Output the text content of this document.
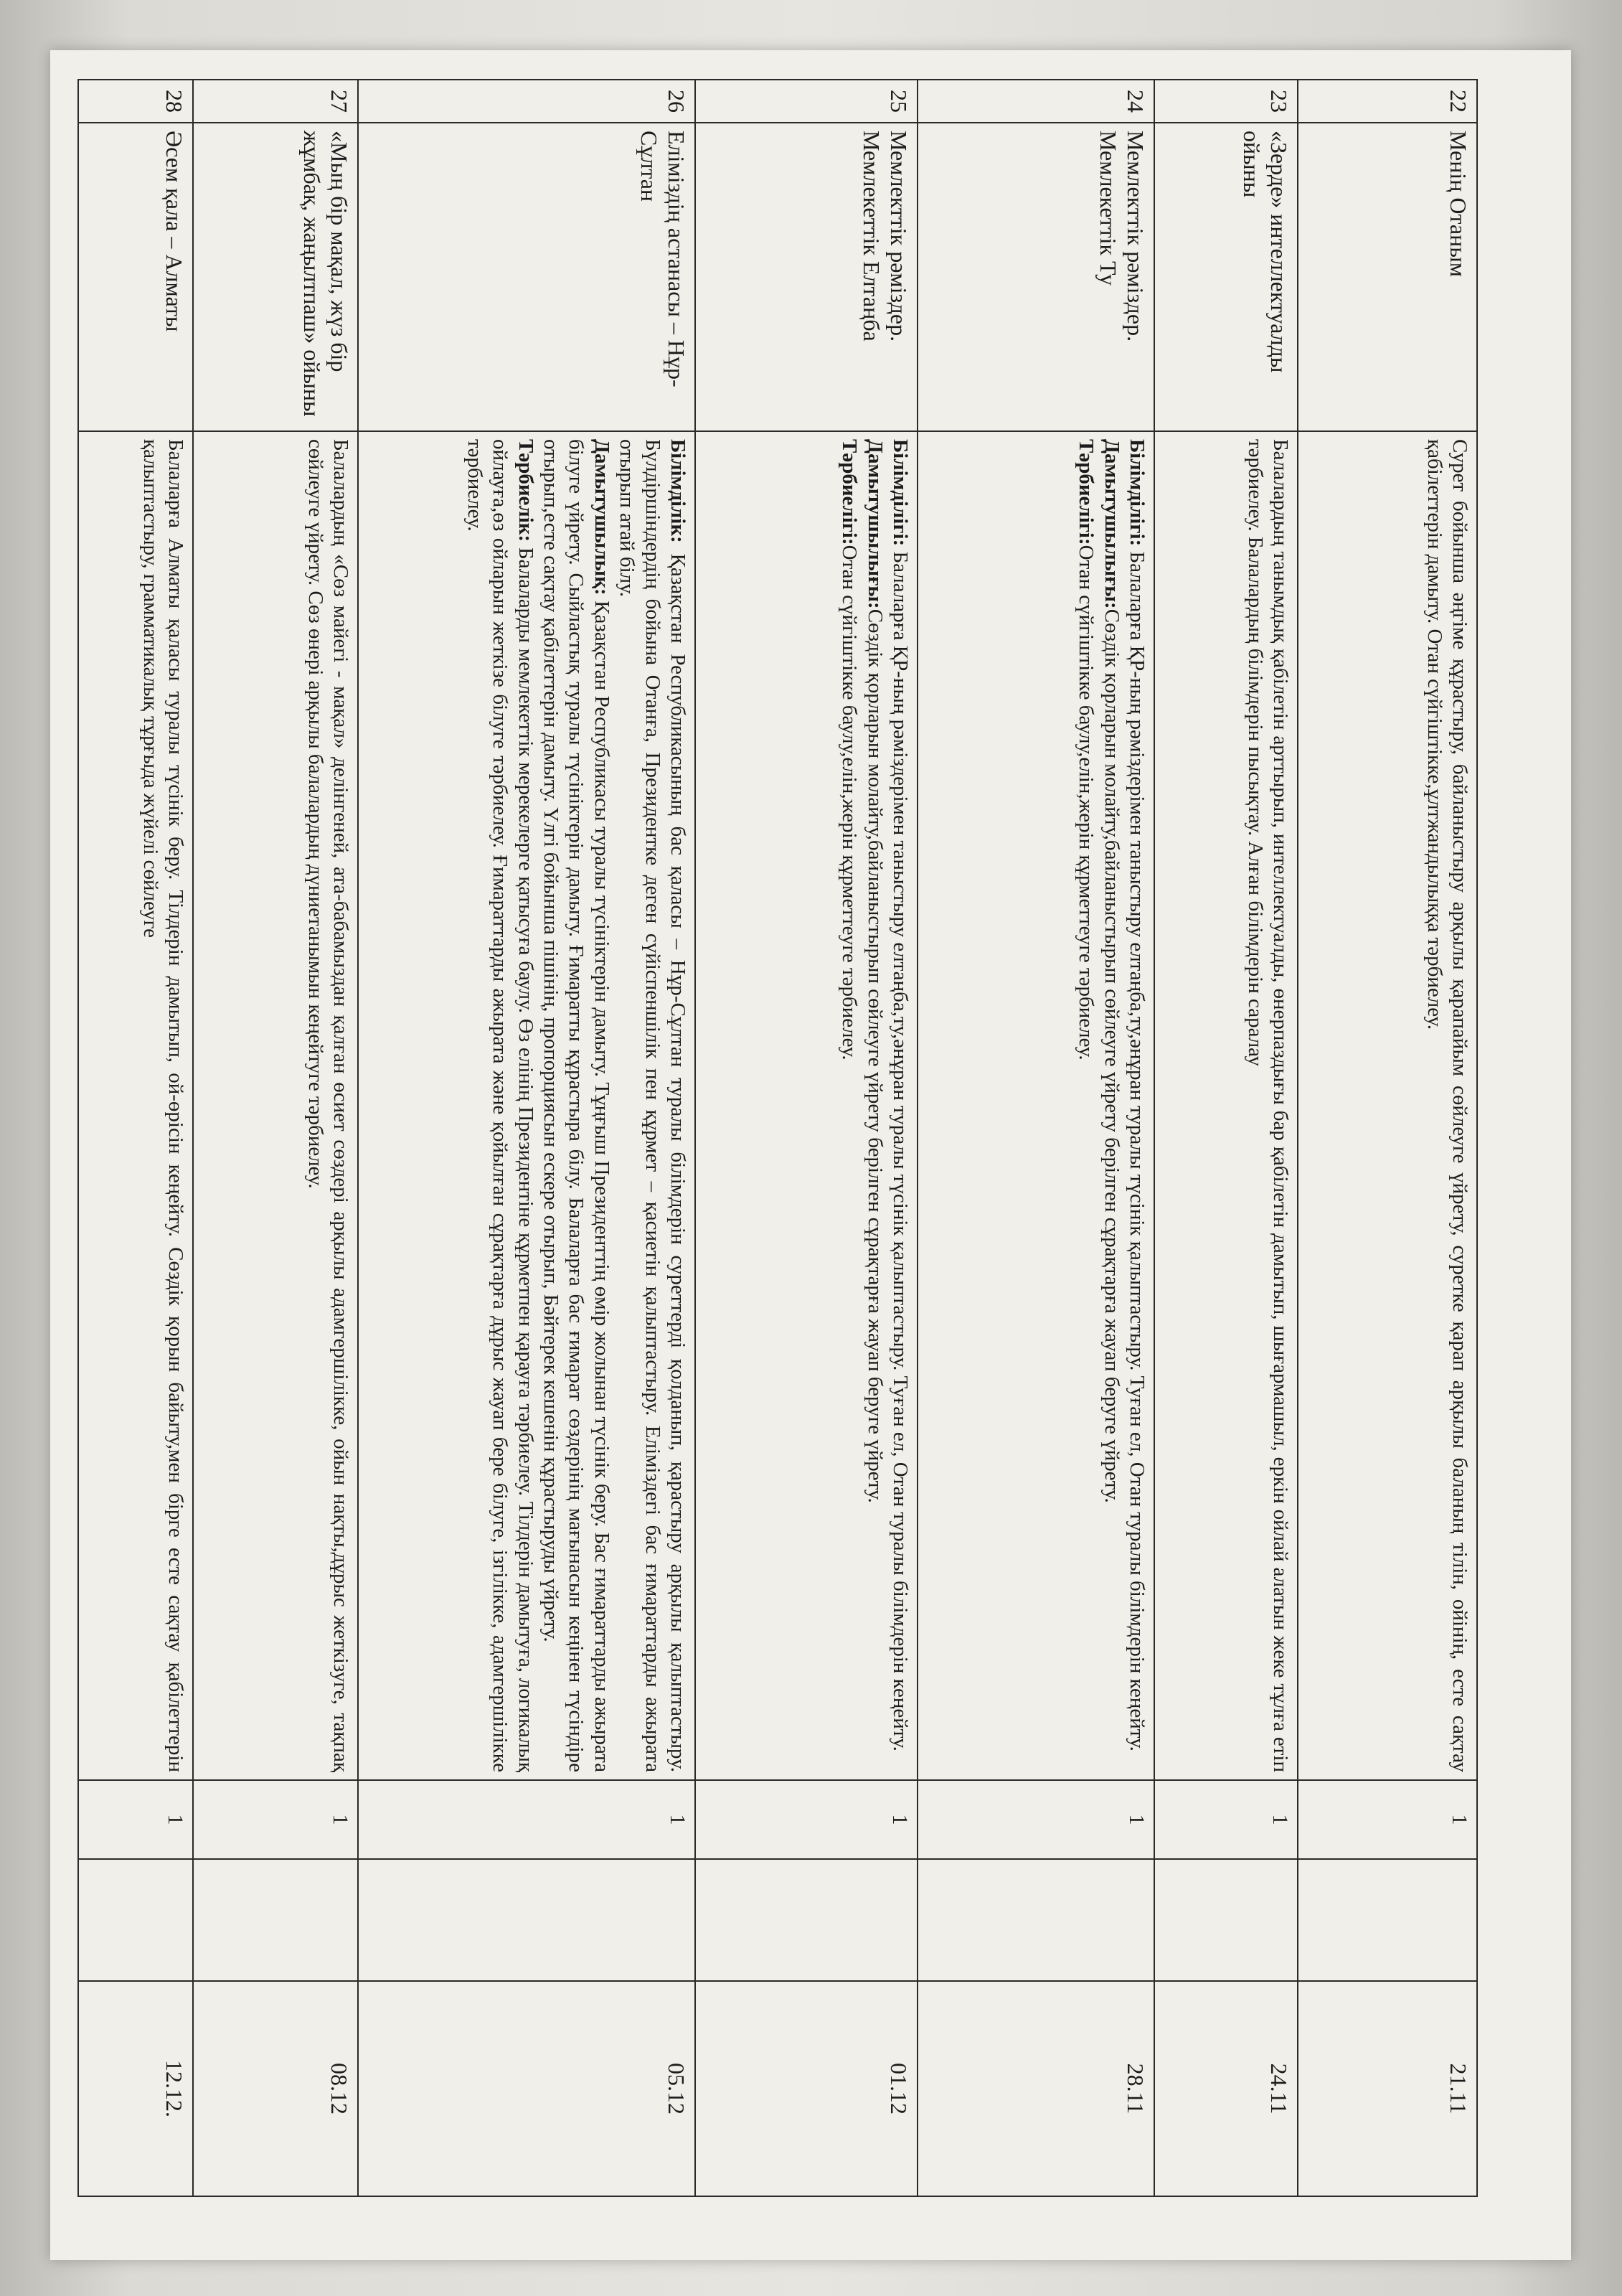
22	Менің Отаным	Сурет бойынша әңгіме құрастыру, байланыстыру арқылы қарапайым сөйлеуге үйрету, суретке қарап арқылы баланың тілін, ойінің, есте сақтау қабілеттерін дамыту. Отан сүйгіштікке,ұлтжандылыққа тәрбиелеу.	1		21.11
23	«Зерде» интеллектуалды ойыны	Балалардың танымдық қабілетін арттырып, интеллектуалды, өнерпаздығы бар қабілетін дамытып, шығармашыл, еркін ойлай алатын жеке тұлға етіп тәрбиелеу. Балалардың білімдерін пысықтау. Алған білімдерін саралау	1		24.11
24	Мемлекттік рәміздер. Мемлекеттік Ту	Білімділігі: Балаларға ҚР-ның рәміздерімен таныстыру елтаңба,ту,әнұран туралы түсінік қалыптастыру. Туған ел, Отан туралы білімдерін кеңейту.

Дамытушылығы:Сөздік қорларын молайту,байланыстырып сөйлеуге үйрету берілген сұрақтарға жауап беруге үйрету.

Тәрбиелігі:Отан сүйгіштікке баулу,елін,жерін құрметтеуге тәрбиелеу.	1		28.11
25	Мемлекттік рәміздер. Мемлекеттік Елтаңба	Білімділігі: Балаларға ҚР-ның рәміздерімен таныстыру елтаңба,ту,әнұран туралы түсінік қалыптастыру. Туған ел, Отан туралы білімдерін кеңейту.

Дамытушылығы:Сөздік қорларын молайту,байланыстырып сөйлеуге үйрету берілген сұрақтарға жауап беруге үйрету.

Тәрбиелігі:Отан сүйгіштікке баулу,елін,жерін құрметтеуге тәрбиелеу.	1		01.12
26	Еліміздің астанасы – Нұр-Сұлтан	Білімділік: Қазақстан Республикасының бас қаласы – Нұр-Сұлтан туралы білімдерін суреттерді қолданып, қарастыру арқылы қалыптастыру. Бүлдіршіндердің бойына Отанға, Президентке деген сүйіспеншілік пен құрмет – қасиетін қалыптастыру. Еліміздегі бас ғимараттарды ажырата отырып атай білу.

Дамытушылық: Қазақстан Республикасы туралы түсініктерін дамыту. Тұңғыш Президенттің өмір жолынан түсінік беру. Бас ғимараттарды ажырата білуге үйрету. Сыйластық туралы түсініктерін дамыту. Ғимаратты құрастыра білу. Балаларға бас ғимарат сөздерінің мағынасын кеңінен түсіндіре отырып,есте сақтау қабілеттерін дамыту. Үлгі бойынша пішінің, пропорциясын ескере отырып, Бәйтерек кешенін құрастыруды үйрету.

Тәрбиелік: Балаларды мемлекеттік мерекелерге қатысуға баулу. Өз елінің Президентіне құрметпен қарауға тәрбиелеу. Тілдерін дамытуға, логикалық ойлауға,өз ойларын жеткізе білуге тәрбиелеу. Ғимараттарды ажырата және қойылған сұрақтарға дұрыс жауап бере білуге, ізгілікке, адамгершілікке тәрбиелеу.	1		05.12
27	«Мың бір мақал, жүз бір жұмбақ, жаңылтпаш» ойыны	Балалардың «Сөз майегі - мақал» делінгеней, ата-бабамыздан қалған өсиет сөздері арқылы адамгершілікке, ойын нақты,дұрыс жеткізуге, тақпақ сөйлеуге үйрету. Сөз өнері арқылы балалардың дүниетанымын кеңейтуге тәрбиелеу.	1		08.12
28	Әсем қала – Алматы	Балаларға Алматы қаласы туралы түсінік беру. Тілдерін дамытып, ой-өрісін кеңейту. Сөздік қорын байыту,мен бірге есте сақтау қабілеттерін қалыптастыру, грамматикалық тұрғыда жүйелі сөйлеуге	1		12.12.
